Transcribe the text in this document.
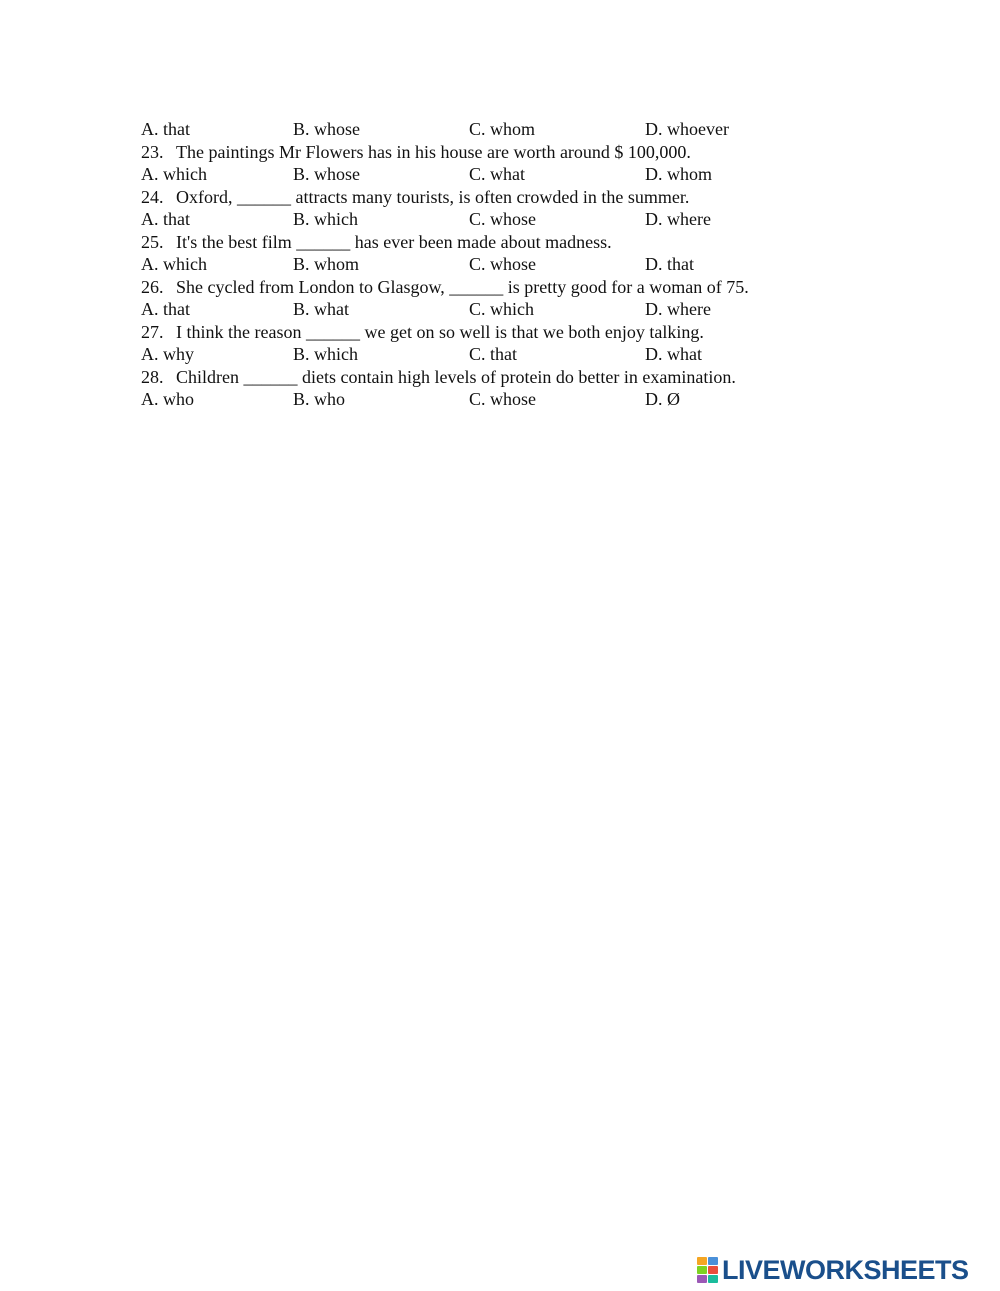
A. that	B. whose	C. whom	D. whoever
23. The paintings Mr Flowers has in his house are worth around $ 100,000.
A. which	B. whose	C. what	D. whom
24. Oxford, ______ attracts many tourists, is often crowded in the summer.
A. that	B. which	C. whose	D. where
25. It's the best film ______ has ever been made about madness.
A. which	B. whom	C. whose	D. that
26. She cycled from London to Glasgow, ______ is pretty good for a woman of 75.
A. that	B. what	C. which	D. where
27. I think the reason ______ we get on so well is that we both enjoy talking.
A. why	B. which	C. that	D. what
28. Children ______ diets contain high levels of protein do better in examination.
A. who	B. who	C. whose	D. Ø
LIVEWORKSHEETS
